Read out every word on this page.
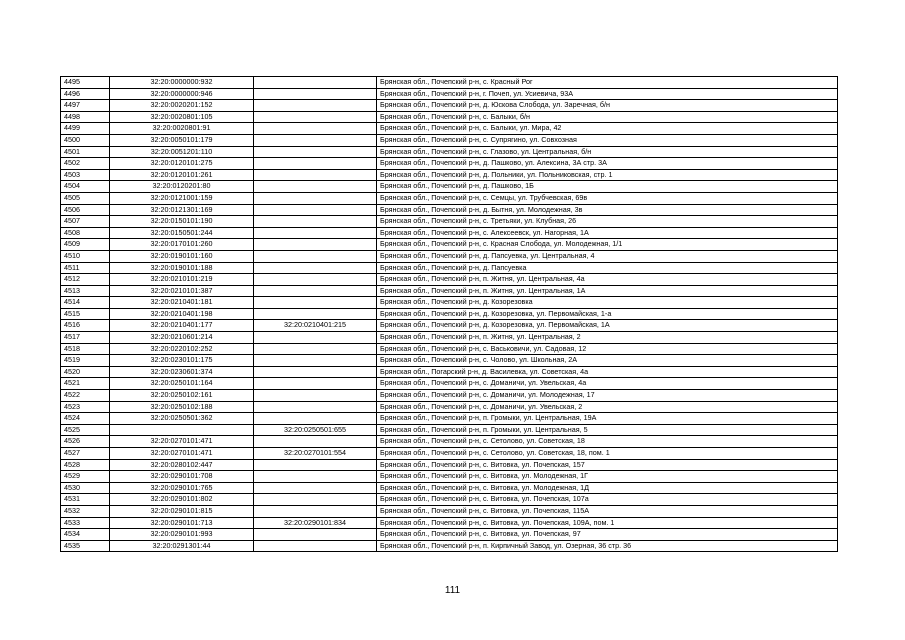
4495	32:20:0000000:932		Брянская обл., Почепский р-н, с. Красный Рог
4496	32:20:0000000:946		Брянская обл., Почепский р-н, г. Почеп, ул. Усиевича, 93А
4497	32:20:0020201:152		Брянская обл., Почепский р-н, д. Юскова Слобода, ул. Заречная, б/н
4498	32:20:0020801:105		Брянская обл., Почепский р-н, с. Балыки, б/н
4499	32:20:0020801:91		Брянская обл., Почепский р-н, с. Балыки, ул. Мира, 42
4500	32:20:0050101:179		Брянская обл., Почепский р-н, с. Супрягино, ул. Совхозная
4501	32:20:0051201:110		Брянская обл., Почепский р-н, с. Глазово, ул. Центральная, б/н
4502	32:20:0120101:275		Брянская обл., Почепский р-н, д. Пашково, ул. Алексина, 3А стр. 3А
4503	32:20:0120101:261		Брянская обл., Почепский р-н, д. Польники, ул. Польниковская, стр. 1
4504	32:20:0120201:80		Брянская обл., Почепский р-н, д. Пашково, 1Б
4505	32:20:0121001:159		Брянская обл., Почепский р-н, с. Семцы, ул. Трубчевская, 69в
4506	32:20:0121301:169		Брянская обл., Почепский р-н, д. Бытня, ул. Молодежная, 3в
4507	32:20:0150101:190		Брянская обл., Почепский р-н, с. Третьяки, ул. Клубная, 26
4508	32:20:0150501:244		Брянская обл., Почепский р-н, с. Алексеевск, ул. Нагорная, 1А
4509	32:20:0170101:260		Брянская обл., Почепский р-н, с. Красная Слобода, ул. Молодежная, 1/1
4510	32:20:0190101:160		Брянская обл., Почепский р-н, д. Папсуевка, ул. Центральная, 4
4511	32:20:0190101:188		Брянская обл., Почепский р-н, д. Папсуевка
4512	32:20:0210101:219		Брянская обл., Почепский р-н, п. Житня, ул. Центральная, 4а
4513	32:20:0210101:387		Брянская обл., Почепский р-н, п. Житня, ул. Центральная, 1А
4514	32:20:0210401:181		Брянская обл., Почепский р-н, д. Козорезовка
4515	32:20:0210401:198		Брянская обл., Почепский р-н, д. Козорезовка, ул. Первомайская, 1-а
4516	32:20:0210401:177	32:20:0210401:215	Брянская обл., Почепский р-н, д. Козорезовка, ул. Первомайская, 1А
4517	32:20:0210601:214		Брянская обл., Почепский р-н, п. Житня, ул. Центральная, 2
4518	32:20:0220102:252		Брянская обл., Почепский р-н, с. Васьковичи, ул. Садовая, 12
4519	32:20:0230101:175		Брянская обл., Почепский р-н, с. Чолово, ул. Школьная, 2А
4520	32:20:0230601:374		Брянская обл., Погарский р-н, д. Василевка, ул. Советская, 4а
4521	32:20:0250101:164		Брянская обл., Почепский р-н, с. Доманичи, ул. Увельская, 4а
4522	32:20:0250102:161		Брянская обл., Почепский р-н, с. Доманичи, ул. Молодежная, 17
4523	32:20:0250102:188		Брянская обл., Почепский р-н, с. Доманичи, ул. Увельская, 2
4524	32:20:0250501:362		Брянская обл., Почепский р-н, п. Громыки, ул. Центральная, 19А
4525		32:20:0250501:655	Брянская обл., Почепский р-н, п. Громыки, ул. Центральная, 5
4526	32:20:0270101:471		Брянская обл., Почепский р-н, с. Сетолово, ул. Советская, 18
4527	32:20:0270101:471	32:20:0270101:554	Брянская обл., Почепский р-н, с. Сетолово, ул. Советская, 18, пом. 1
4528	32:20:0280102:447		Брянская обл., Почепский р-н, с. Витовка, ул. Почепская, 157
4529	32:20:0290101:708		Брянская обл., Почепский р-н, с. Витовка, ул. Молодежная, 1Г
4530	32:20:0290101:765		Брянская обл., Почепский р-н, с. Витовка, ул. Молодежная, 1Д
4531	32:20:0290101:802		Брянская обл., Почепский р-н, с. Витовка, ул. Почепская, 107а
4532	32:20:0290101:815		Брянская обл., Почепский р-н, с. Витовка, ул. Почепская, 115А
4533	32:20:0290101:713	32:20:0290101:834	Брянская обл., Почепский р-н, с. Витовка, ул. Почепская, 109А, пом. 1
4534	32:20:0290101:993		Брянская обл., Почепский р-н, с. Витовка, ул. Почепская, 97
4535	32:20:0291301:44		Брянская обл., Почепский р-н, п. Кирпичный Завод, ул. Озерная, 36 стр. 36
111
